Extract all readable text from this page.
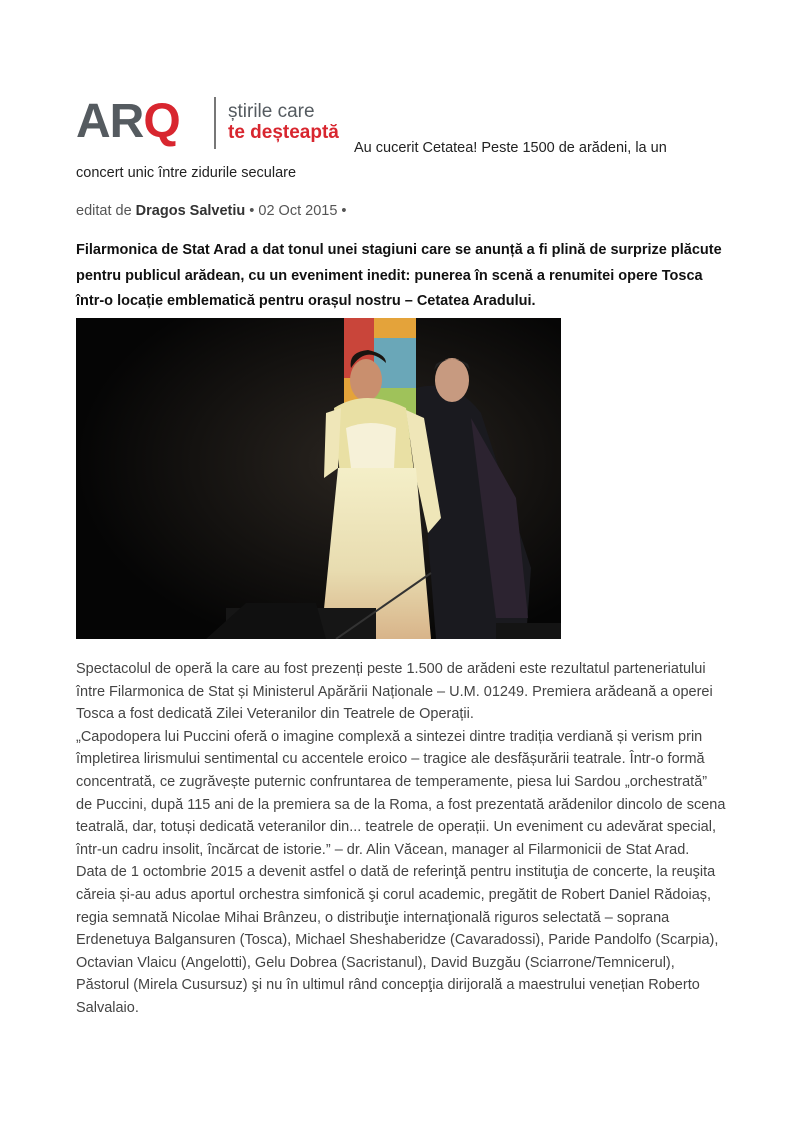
ARQ	știrile care
te deșteaptă
Au cucerit Cetatea! Peste 1500 de arădeni, la un
concert unic între zidurile seculare
editat de Dragos Salvetiu • 02 Oct 2015 •
Filarmonica de Stat Arad a dat tonul unei stagiuni care se anunță a fi plină de surprize plăcute pentru publicul arădean, cu un eveniment inedit: punerea în scenă a renumitei opere Tosca într-o locație emblematică pentru orașul nostru – Cetatea Aradului.

Spectacolul de operă la care au fost prezenți peste 1.500 de arădeni este rezultatul parteneriatului între Filarmonica de Stat și Ministerul Apărării Naționale – U.M. 01249. Premiera arădeană a operei Tosca a fost dedicată Zilei Veteranilor din Teatrele de Operații.

„Capodopera lui Puccini oferă o imagine complexă a sintezei dintre tradiția verdiană și verism prin împletirea lirismului sentimental cu accentele eroico – tragice ale desfășurării teatrale. Într-o formă concentrată, ce zugrăvește puternic confruntarea de temperamente, piesa lui Sardou „orchestrată” de Puccini, după 115 ani de la premiera sa de la Roma, a fost prezentată arădenilor dincolo de scena teatrală, dar, totuși dedicată veteranilor din... teatrele de operații. Un eveniment cu adevărat special, într-un cadru insolit, încărcat de istorie.” – dr. Alin Văcean, manager al Filarmonicii de Stat Arad.

Data de 1 octombrie 2015 a devenit astfel o dată de referinţă pentru instituţia de concerte, la reuşita căreia și-au adus aportul orchestra simfonică şi corul academic, pregătit de Robert Daniel Rădoiaș, regia semnată Nicolae Mihai Brânzeu, o distribuţie internaţională riguros selectată – soprana Erdenetuya Balgansuren (Tosca), Michael Sheshaberidze (Cavaradossi), Paride Pandolfo (Scarpia), Octavian Vlaicu (Angelotti), Gelu Dobrea (Sacristanul), David Buzgău (Sciarrone/Temnicerul), Păstorul (Mirela Cusursuz) şi nu în ultimul rând concepţia dirijorală a maestrului venețian Roberto Salvalaio.
